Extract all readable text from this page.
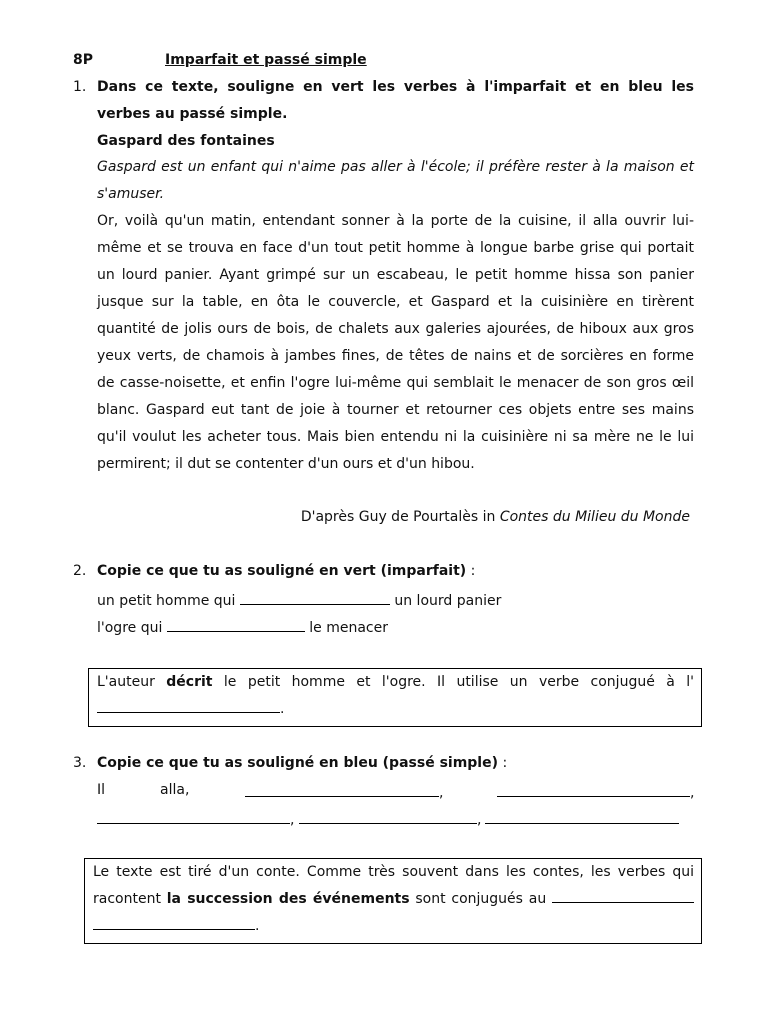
8P	Imparfait et passé simple
1. Dans ce texte, souligne en vert les verbes à l'imparfait et en bleu les verbes au passé simple.
Gaspard des fontaines
Gaspard est un enfant qui n'aime pas aller à l'école; il préfère rester à la maison et s'amuser.
Or, voilà qu'un matin, entendant sonner à la porte de la cuisine, il alla ouvrir lui-même et se trouva en face d'un tout petit homme à longue barbe grise qui portait un lourd panier. Ayant grimpé sur un escabeau, le petit homme hissa son panier jusque sur la table, en ôta le couvercle, et Gaspard et la cuisinière en tirèrent quantité de jolis ours de bois, de chalets aux galeries ajourées, de hiboux aux gros yeux verts, de chamois à jambes fines, de têtes de nains et de sorcières en forme de casse-noisette, et enfin l'ogre lui-même qui semblait le menacer de son gros œil blanc. Gaspard eut tant de joie à tourner et retourner ces objets entre ses mains qu'il voulut les acheter tous. Mais bien entendu ni la cuisinière ni sa mère ne le lui permirent; il dut se contenter d'un ours et d'un hibou.
D'après Guy de Pourtalès in Contes du Milieu du Monde
2. Copie ce que tu as souligné en vert (imparfait) :
un petit homme qui	un lourd panier
l'ogre qui	le menacer
L'auteur décrit le petit homme et l'ogre. Il utilise un verbe conjugué à l'.
3. Copie ce que tu as souligné en bleu (passé simple) :
Il	alla,	,	,
,	,
Le texte est tiré d'un conte. Comme très souvent dans les contes, les verbes qui racontent la succession des événements sont conjugués au  .
